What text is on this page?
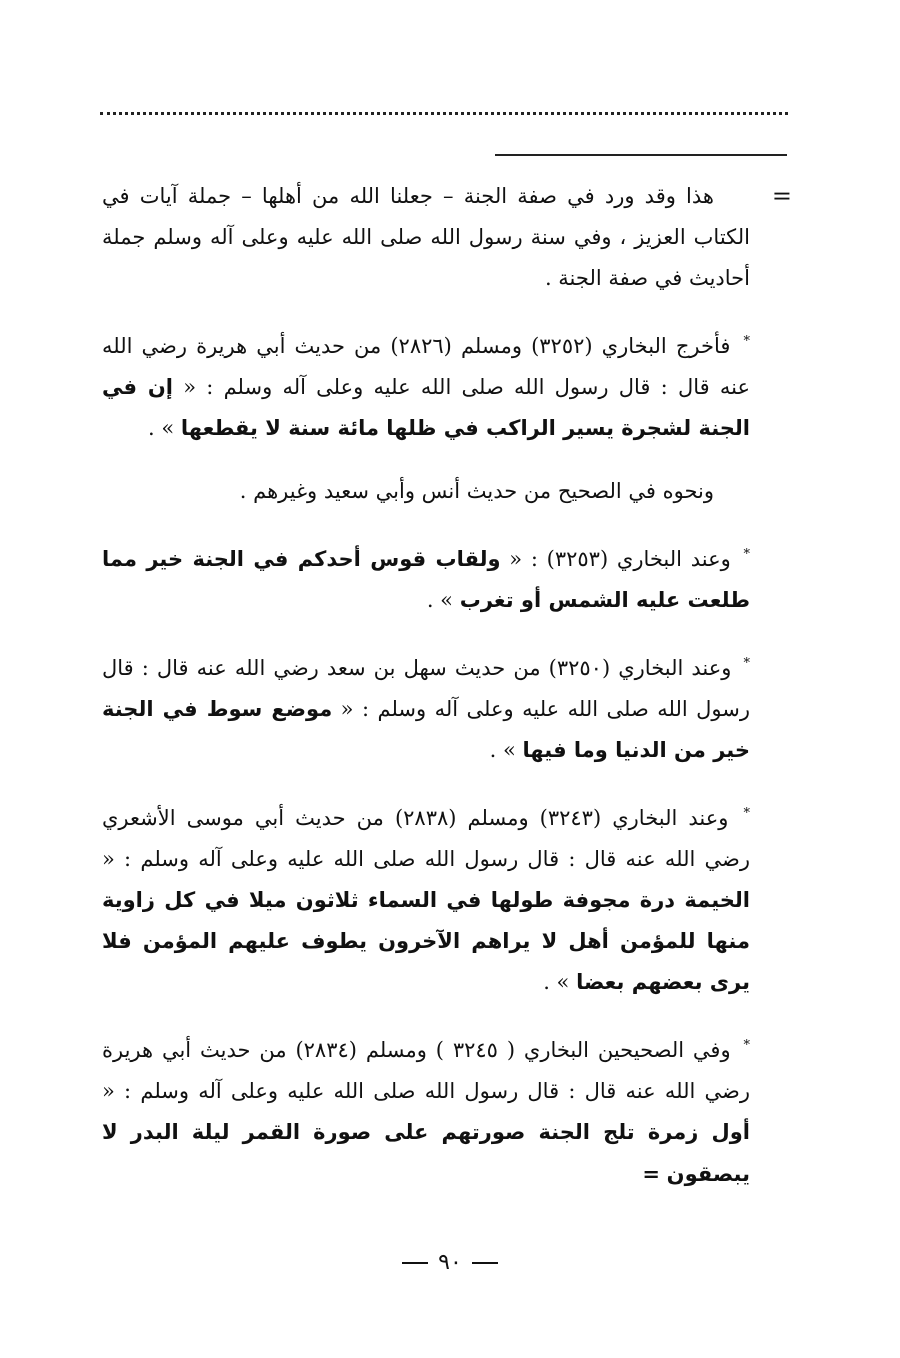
=

هذا وقد ورد في صفة الجنة – جعلنا الله من أهلها – جملة آيات في الكتاب العزيز ، وفي سنة رسول الله صلى الله عليه وعلى آله وسلم جملة أحاديث في صفة الجنة .

* فأخرج البخاري (٣٢٥٢) ومسلم (٢٨٢٦) من حديث أبي هريرة رضي الله عنه قال : قال رسول الله صلى الله عليه وعلى آله وسلم : « إن في الجنة لشجرة يسير الراكب في ظلها مائة سنة لا يقطعها » .

ونحوه في الصحيح من حديث أنس وأبي سعيد وغيرهم .

* وعند البخاري (٣٢٥٣) : « ولقاب قوس أحدكم في الجنة خير مما طلعت عليه الشمس أو تغرب » .

* وعند البخاري (٣٢٥٠) من حديث سهل بن سعد رضي الله عنه قال : قال رسول الله صلى الله عليه وعلى آله وسلم : « موضع سوط في الجنة خير من الدنيا وما فيها » .

* وعند البخاري (٣٢٤٣) ومسلم (٢٨٣٨) من حديث أبي موسى الأشعري رضي الله عنه قال : قال رسول الله صلى الله عليه وعلى آله وسلم : « الخيمة درة مجوفة طولها في السماء ثلاثون ميلا في كل زاوية منها للمؤمن أهل لا يراهم الآخرون يطوف عليهم المؤمن فلا يرى بعضهم بعضا » .

* وفي الصحيحين البخاري ( ٣٢٤٥ ) ومسلم (٢٨٣٤) من حديث أبي هريرة رضي الله عنه قال : قال رسول الله صلى الله عليه وعلى آله وسلم : « أول زمرة تلج الجنة صورتهم على صورة القمر ليلة البدر لا يبصقون =

٩٠
